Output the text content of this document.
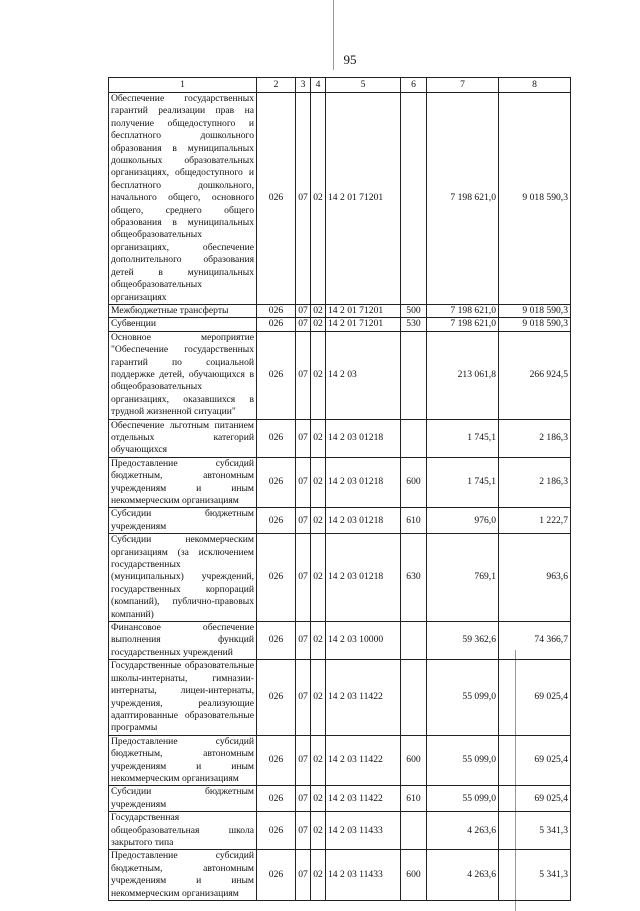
95
1	2	3	4	5	6	7	8
Обеспечение государственных гарантий реализации прав на получение общедоступного и бесплатного дошкольного образования в муниципальных дошкольных образовательных организациях, общедоступного и бесплатного дошкольного, начального общего, основного общего, среднего общего образования в муниципальных общеобразовательных организациях, обеспечение дополнительного образования детей в муниципальных общеобразовательных организациях	026	07	02	14 2 01 71201		7 198 621,0	9 018 590,3
Межбюджетные трансферты	026	07	02	14 2 01 71201	500	7 198 621,0	9 018 590,3
Субвенции	026	07	02	14 2 01 71201	530	7 198 621,0	9 018 590,3
Основное мероприятие "Обеспечение государственных гарантий по социальной поддержке детей, обучающихся в общеобразовательных организациях, оказавшихся в трудной жизненной ситуации"	026	07	02	14 2 03		213 061,8	266 924,5
Обеспечение льготным питанием отдельных категорий обучающихся	026	07	02	14 2 03 01218		1 745,1	2 186,3
Предоставление субсидий бюджетным, автономным учреждениям и иным некоммерческим организациям	026	07	02	14 2 03 01218	600	1 745,1	2 186,3
Субсидии бюджетным учреждениям	026	07	02	14 2 03 01218	610	976,0	1 222,7
Субсидии некоммерческим организациям (за исключением государственных (муниципальных) учреждений, государственных корпораций (компаний), публично-правовых компаний)	026	07	02	14 2 03 01218	630	769,1	963,6
Финансовое обеспечение выполнения функций государственных учреждений	026	07	02	14 2 03 10000		59 362,6	74 366,7
Государственные образовательные школы-интернаты, гимназии-интернаты, лицеи-интернаты, учреждения, реализующие адаптированные образовательные программы	026	07	02	14 2 03 11422		55 099,0	69 025,4
Предоставление субсидий бюджетным, автономным учреждениям и иным некоммерческим организациям	026	07	02	14 2 03 11422	600	55 099,0	69 025,4
Субсидии бюджетным учреждениям	026	07	02	14 2 03 11422	610	55 099,0	69 025,4
Государственная общеобразовательная школа закрытого типа	026	07	02	14 2 03 11433		4 263,6	5 341,3
Предоставление субсидий бюджетным, автономным учреждениям и иным некоммерческим организациям	026	07	02	14 2 03 11433	600	4 263,6	5 341,3
